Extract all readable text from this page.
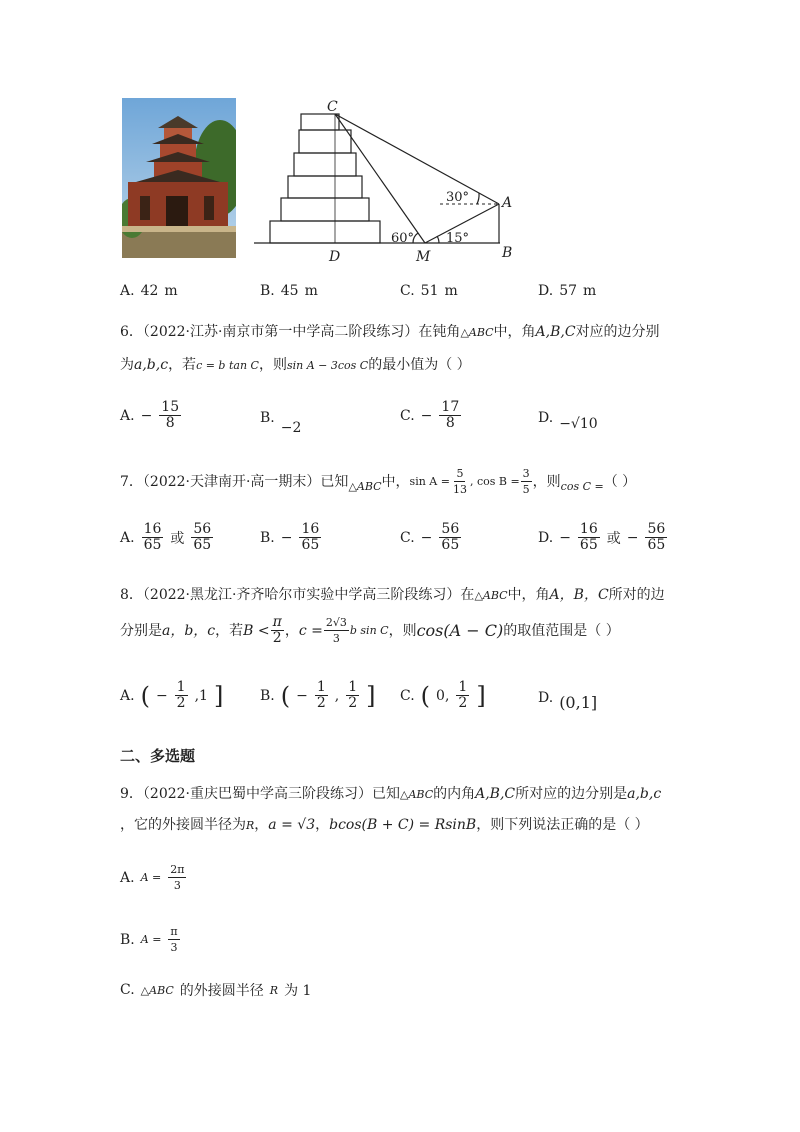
C
A
B
D	M
30°
60° 15°
A. 42 m	B. 45 m	C. 51 m	D. 57 m
6．（2022·江苏·南京市第一中学高二阶段练习）在钝角△ABC中，角A,B,C对应的边分别
为a,b,c，若c = b tan C，则sin A − 3cos C的最小值为（ ）
A. − $\frac{15}{8}$	B.
−2
C. − $\frac{17}{8}$	D. −√10
7．（2022·天津南开·高一期末）已知 △ABC 中， $\sin A = \frac{5}{13}$ , $\cos B = \frac{3}{5}$ ，则 cos C = （ ）
A. $\frac{16}{65}$ 或 $\frac{56}{65}$	B. − $\frac{16}{65}$	C. − $\frac{56}{65}$	D. − $\frac{16}{65}$ 或 − $\frac{56}{65}$
8．（2022·黑龙江·齐齐哈尔市实验中学高三阶段练习）在△ABC中，角A，B，C所对的边
分别是 a，b，c ，若 $B < \frac{\pi}{2}$ ， $c = \frac{2√3}{3}$ b sin C ，则 cos(A − C) 的取值范围是（ ）
A. ( − $\frac{1}{2} ,1$ ]	B. ( − $\frac{1}{2}$ , $\frac{1}{2}$ ] C. ( 0, $\frac{1}{2}$ ]	D. (0,1]
二、多选题
9．（2022·重庆巴蜀中学高三阶段练习）已知△ABC的内角A,B,C所对应的边分别是a,b,c
，它的外接圆半径为R，a = √3，bcos(B + C) = RsinB，则下列说法正确的是（ ）
A. $A = \frac{2\pi}{3}$
B. $A = \frac{\pi}{3}$
C. △ABC 的外接圆半径 R 为 1
